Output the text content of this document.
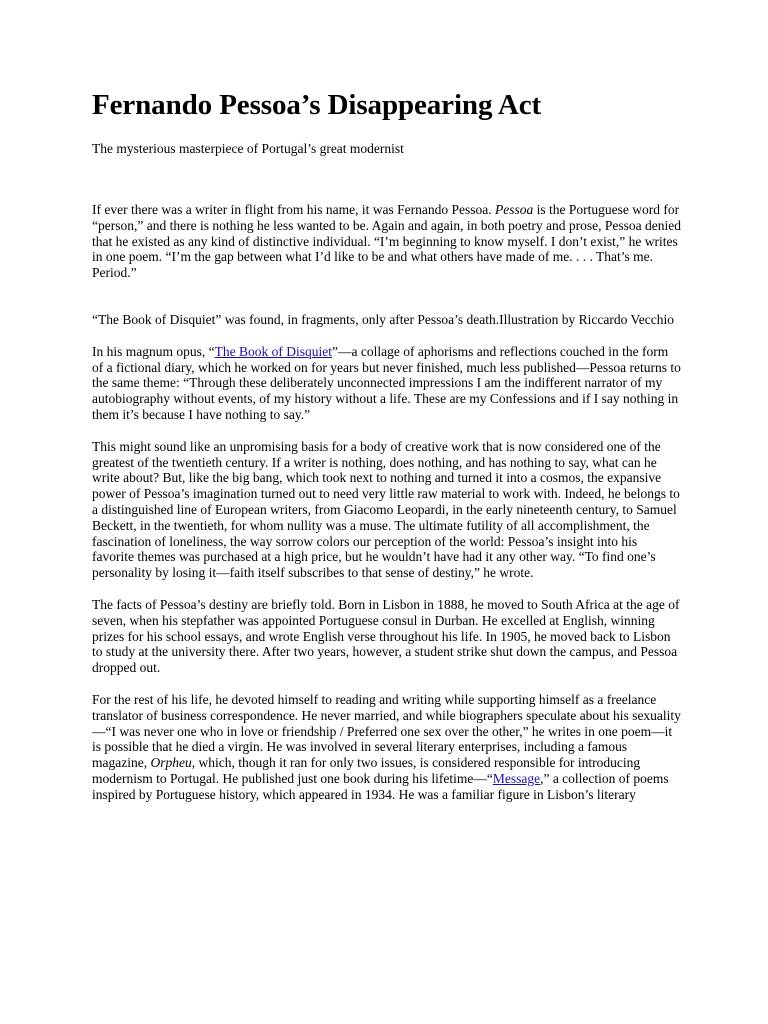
Fernando Pessoa’s Disappearing Act
The mysterious masterpiece of Portugal’s great modernist

If ever there was a writer in flight from his name, it was Fernando Pessoa. Pessoa is the Portuguese word for “person,” and there is nothing he less wanted to be. Again and again, in both poetry and prose, Pessoa denied that he existed as any kind of distinctive individual. “I’m beginning to know myself. I don’t exist,” he writes in one poem. “I’m the gap between what I’d like to be and what others have made of me. . . . That’s me. Period.”

“The Book of Disquiet” was found, in fragments, only after Pessoa’s death.Illustration by Riccardo Vecchio

In his magnum opus, “The Book of Disquiet”—a collage of aphorisms and reflections couched in the form of a fictional diary, which he worked on for years but never finished, much less published—Pessoa returns to the same theme: “Through these deliberately unconnected impressions I am the indifferent narrator of my autobiography without events, of my history without a life. These are my Confessions and if I say nothing in them it’s because I have nothing to say.”

This might sound like an unpromising basis for a body of creative work that is now considered one of the greatest of the twentieth century. If a writer is nothing, does nothing, and has nothing to say, what can he write about? But, like the big bang, which took next to nothing and turned it into a cosmos, the expansive power of Pessoa’s imagination turned out to need very little raw material to work with. Indeed, he belongs to a distinguished line of European writers, from Giacomo Leopardi, in the early nineteenth century, to Samuel Beckett, in the twentieth, for whom nullity was a muse. The ultimate futility of all accomplishment, the fascination of loneliness, the way sorrow colors our perception of the world: Pessoa’s insight into his favorite themes was purchased at a high price, but he wouldn’t have had it any other way. “To find one’s personality by losing it—faith itself subscribes to that sense of destiny,” he wrote.

The facts of Pessoa’s destiny are briefly told. Born in Lisbon in 1888, he moved to South Africa at the age of seven, when his stepfather was appointed Portuguese consul in Durban. He excelled at English, winning prizes for his school essays, and wrote English verse throughout his life. In 1905, he moved back to Lisbon to study at the university there. After two years, however, a student strike shut down the campus, and Pessoa dropped out.

For the rest of his life, he devoted himself to reading and writing while supporting himself as a freelance translator of business correspondence. He never married, and while biographers speculate about his sexuality—“I was never one who in love or friendship / Preferred one sex over the other,” he writes in one poem—it is possible that he died a virgin. He was involved in several literary enterprises, including a famous magazine, Orpheu, which, though it ran for only two issues, is considered responsible for introducing modernism to Portugal. He published just one book during his lifetime—“Message,” a collection of poems inspired by Portuguese history, which appeared in 1934. He was a familiar figure in Lisbon’s literary
